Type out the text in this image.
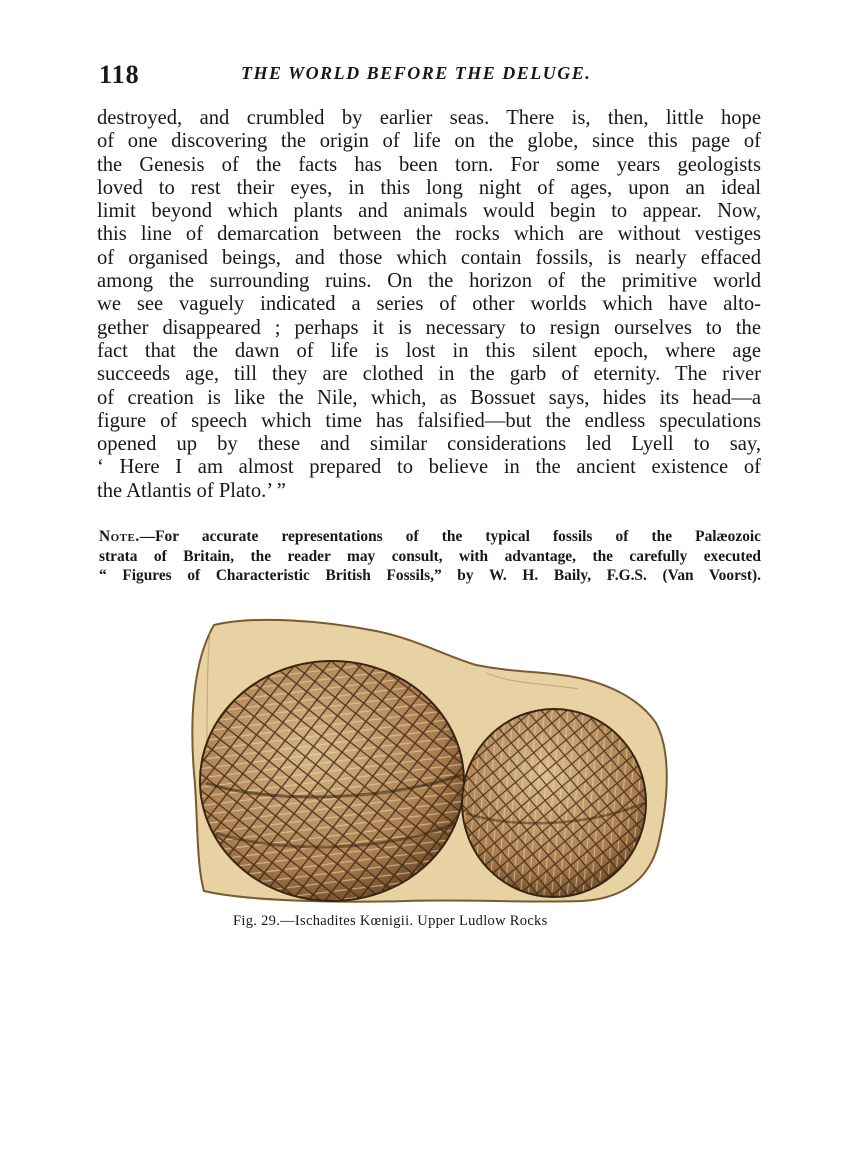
118	THE WORLD BEFORE THE DELUGE.
destroyed, and crumbled by earlier seas. There is, then, little hope
of one discovering the origin of life on the globe, since this page of
the Genesis of the facts has been torn. For some years geologists
loved to rest their eyes, in this long night of ages, upon an ideal
limit beyond which plants and animals would begin to appear. Now,
this line of demarcation between the rocks which are without vestiges
of organised beings, and those which contain fossils, is nearly effaced
among the surrounding ruins. On the horizon of the primitive world
we see vaguely indicated a series of other worlds which have alto-
gether disappeared ; perhaps it is necessary to resign ourselves to the
fact that the dawn of life is lost in this silent epoch, where age
succeeds age, till they are clothed in the garb of eternity. The river
of creation is like the Nile, which, as Bossuet says, hides its head—a
figure of speech which time has falsified—but the endless speculations
opened up by these and similar considerations led Lyell to say,
‘ Here I am almost prepared to believe in the ancient existence of
the Atlantis of Plato.’ ”
Note.—For accurate representations of the typical fossils of the Palæozoic
strata of Britain, the reader may consult, with advantage, the carefully executed
“ Figures of Characteristic British Fossils,” by W. H. Baily, F.G.S. (Van Voorst).
Fig. 29.—Ischadites Kœnigii. Upper Ludlow Rocks
